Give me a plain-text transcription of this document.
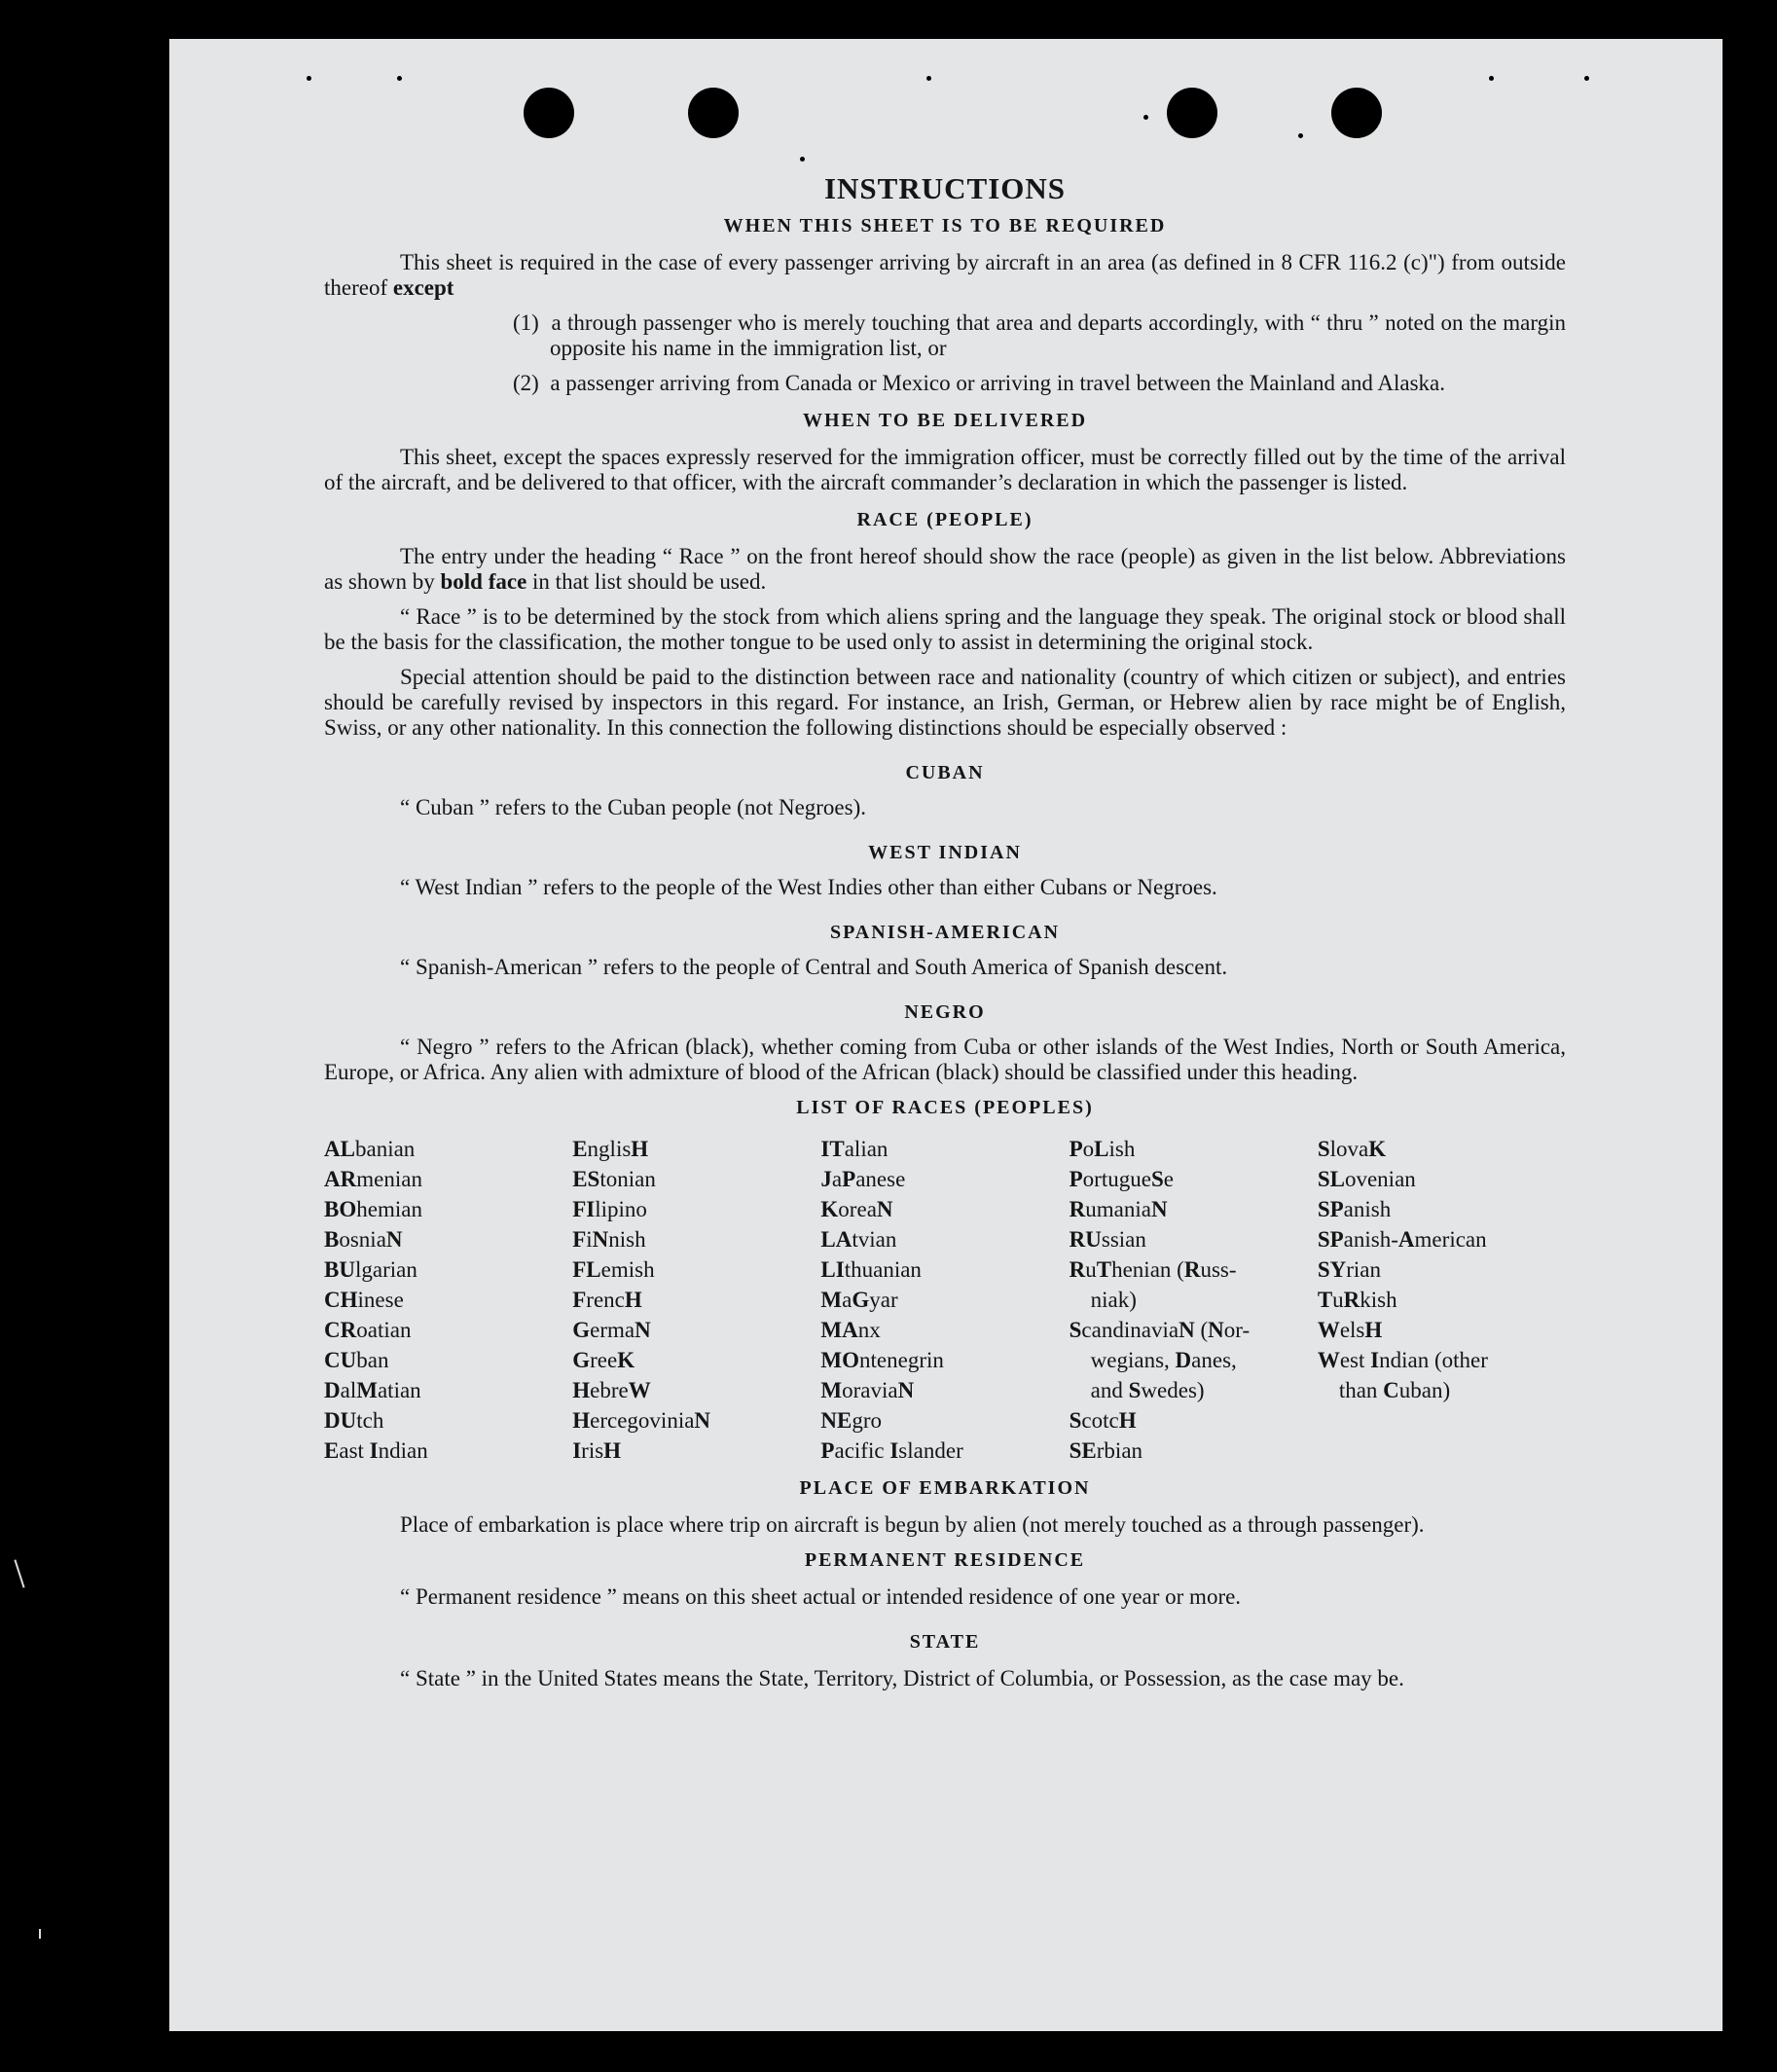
INSTRUCTIONS
WHEN THIS SHEET IS TO BE REQUIRED

This sheet is required in the case of every passenger arriving by aircraft in an area (as defined in 8 CFR 116.2 (c)") from outside thereof except

(1) a through passenger who is merely touching that area and departs accordingly, with “ thru ” noted on the margin opposite his name in the immigration list, or

(2) a passenger arriving from Canada or Mexico or arriving in travel between the Mainland and Alaska.

WHEN TO BE DELIVERED

This sheet, except the spaces expressly reserved for the immigration officer, must be correctly filled out by the time of the arrival of the aircraft, and be delivered to that officer, with the aircraft commander’s declaration in which the passenger is listed.

RACE (PEOPLE)

The entry under the heading “ Race ” on the front hereof should show the race (people) as given in the list below. Abbreviations as shown by bold face in that list should be used.

“ Race ” is to be determined by the stock from which aliens spring and the language they speak. The original stock or blood shall be the basis for the classification, the mother tongue to be used only to assist in determining the original stock.

Special attention should be paid to the distinction between race and nationality (country of which citizen or subject), and entries should be carefully revised by inspectors in this regard. For instance, an Irish, German, or Hebrew alien by race might be of English, Swiss, or any other nationality. In this connection the following distinctions should be especially observed :

CUBAN

“ Cuban ” refers to the Cuban people (not Negroes).

WEST INDIAN

“ West Indian ” refers to the people of the West Indies other than either Cubans or Negroes.

SPANISH-AMERICAN

“ Spanish-American ” refers to the people of Central and South America of Spanish descent.

NEGRO

“ Negro ” refers to the African (black), whether coming from Cuba or other islands of the West Indies, North or South America, Europe, or Africa. Any alien with admixture of blood of the African (black) should be classified under this heading.

LIST OF RACES (PEOPLES)
ALbanian
ARmenian
BOhemian
BosniaN
BUlgarian
CHinese
CRoatian
CUban
DalMatian
DUtch
East Indian
EnglisH
EStonian
FIlipino
FiNnish
FLemish
FrencH
GermaN
GreeK
HebreW
HercegoviniaN
IrisH
ITalian
JaPanese
KoreaN
LAtvian
LIthuanian
MaGyar
MAnx
MOntenegrin
MoraviaN
NEgro
Pacific Islander
PoLish
PortugueSe
RumaniaN
RUssian
RuThenian (Russ-
niak)
ScandinaviaN (Nor-
wegians, Danes,
and Swedes)
ScotcH
SErbian
SlovaK
SLovenian
SPanish
SPanish-American
SYrian
TuRkish
WelsH
West Indian (other
than Cuban)
PLACE OF EMBARKATION

Place of embarkation is place where trip on aircraft is begun by alien (not merely touched as a through passenger).

PERMANENT RESIDENCE

“ Permanent residence ” means on this sheet actual or intended residence of one year or more.

STATE

“ State ” in the United States means the State, Territory, District of Columbia, or Possession, as the case may be.
